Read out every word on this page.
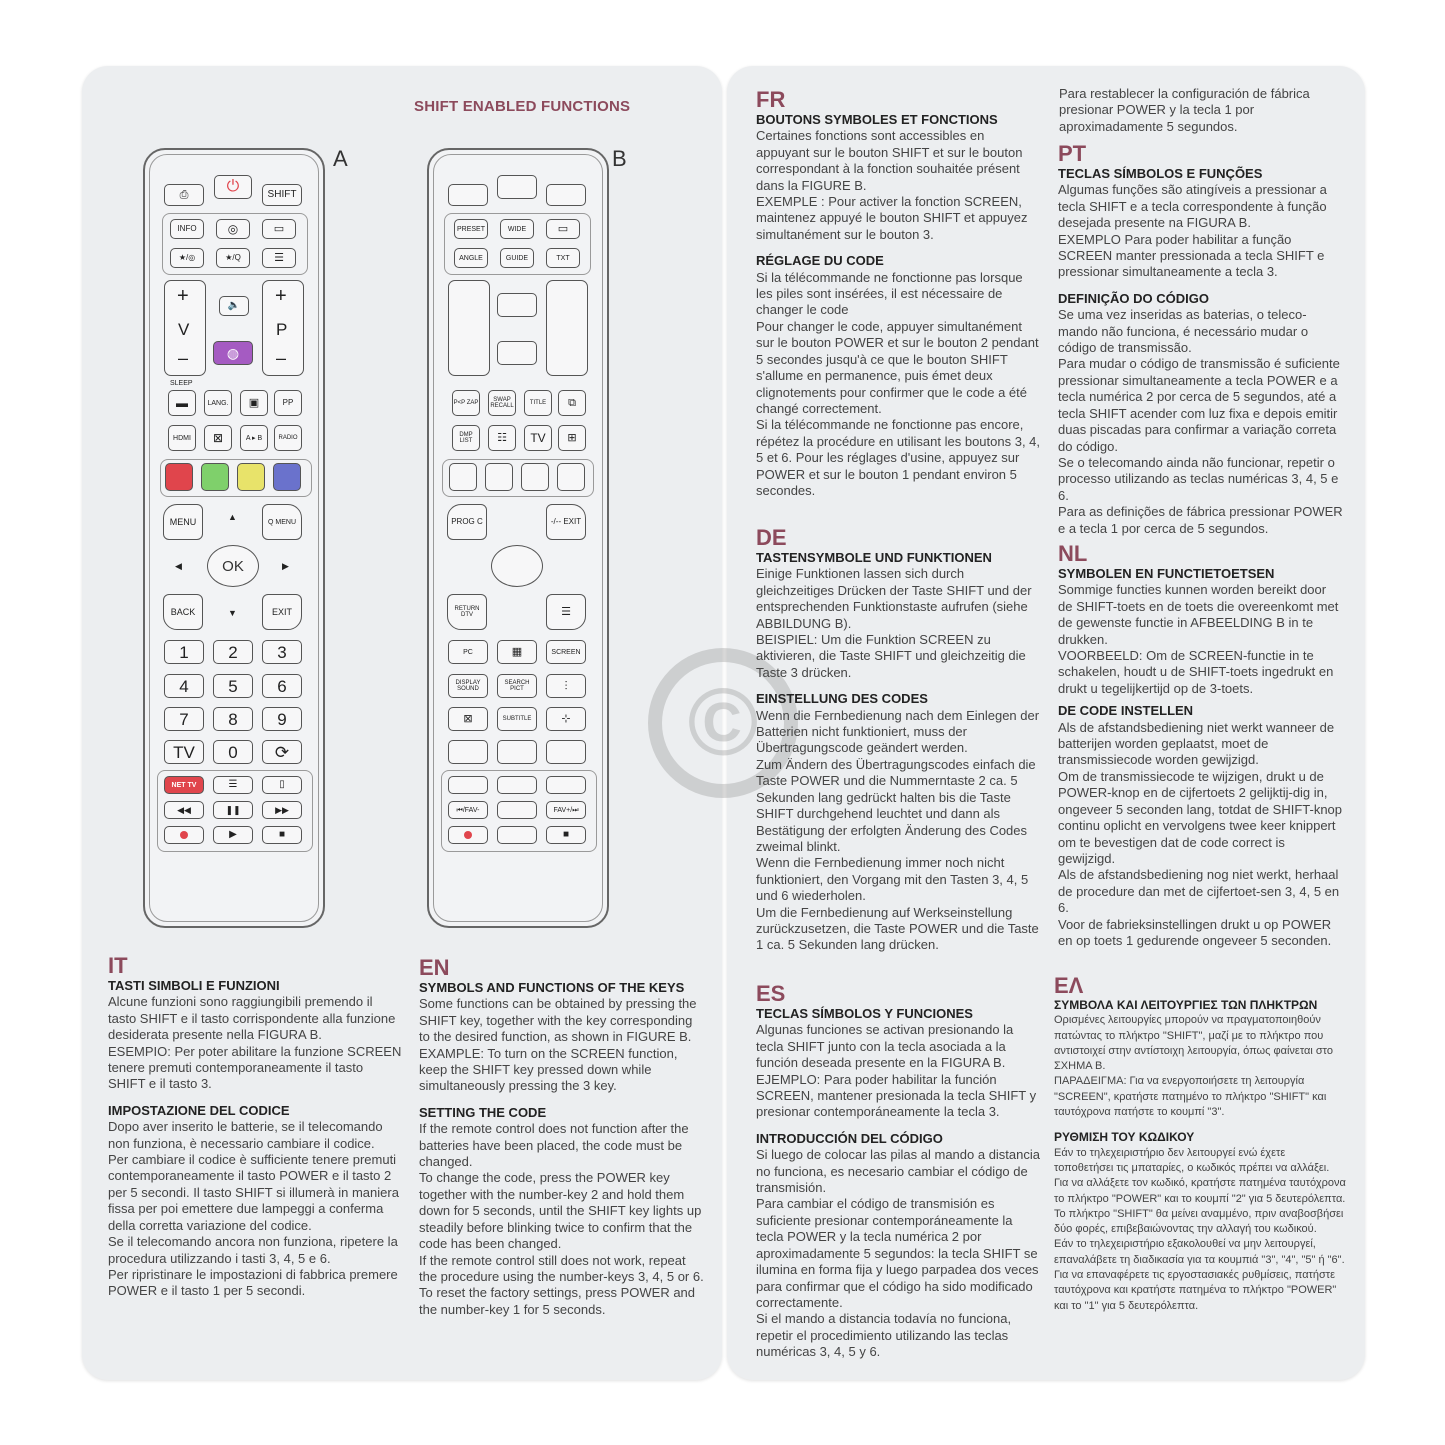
©
SHIFT ENABLED FUNCTIONS
A	B
⎙	⏻	SHIFT
INFO	◎	▭
★/◎	★/Q	☰
+
V
–
+
P
–
🔈
◍
SLEEP
▬	LANG.	▣	PP
HDMI	⊠	A ▸ B	RADIO
MENU	Q MENU
BACK	EXIT
▲
▼
◀	▶
OK
1	2	3
4	5	6
7	8	9
TV	0	⟳
NET TV	☰	▯
◀◀	❚❚	▶▶
▶	■
PRESET	WIDE	▭
ANGLE	GUIDE	TXT
P<P ZAP	SWAP RECALL	TITLE	⧉
DMP LIST	☷	TV	⊞
PROG C	-/-- EXIT
RETURN DTV	☰
PC	▦	SCREEN
DISPLAY SOUND
SEARCH PICT	⫶
⊠	SUBTITLE	⊹
⏮/FAV-	FAV+/⏭
■
IT
TASTI SIMBOLI E FUNZIONI

Alcune funzioni sono raggiungibili premendo il tasto SHIFT e il tasto corrispondente alla funzione desiderata presente nella FIGURA B.

ESEMPIO: Per poter abilitare la funzione SCREEN tenere premuti contemporaneamente il tasto SHIFT e il tasto 3.

IMPOSTAZIONE DEL CODICE

Dopo aver inserito le batterie, se il telecomando non funziona, è necessario cambiare il codice.

Per cambiare il codice è sufficiente tenere premuti contemporaneamente il tasto POWER e il tasto 2 per 5 secondi. Il tasto SHIFT si illumerà in maniera fissa per poi emettere due lampeggi a conferma della corretta variazione del codice.

Se il telecomando ancora non funziona, ripetere la procedura utilizzando i tasti 3, 4, 5 e 6.

Per ripristinare le impostazioni di fabbrica premere POWER e il tasto 1 per 5 secondi.

EN
SYMBOLS AND FUNCTIONS OF THE KEYS

Some functions can be obtained by pressing the SHIFT key, together with the key corresponding to the desired function, as shown in FIGURE B.

EXAMPLE: To turn on the SCREEN function, keep the SHIFT key pressed down while simultaneously pressing the 3 key.

SETTING THE CODE

If the remote control does not function after the batteries have been placed, the code must be changed.

To change the code, press the POWER key together with the number-key 2 and hold them down for 5 seconds, until the SHIFT key lights up steadily before blinking twice to confirm that the code has been changed.

If the remote control still does not work, repeat the procedure using the number-keys 3, 4, 5 or 6.

To reset the factory settings, press POWER and the number-key 1 for 5 seconds.

FR
BOUTONS SYMBOLES ET FONCTIONS

Certaines fonctions sont accessibles en appuyant sur le bouton SHIFT et sur le bouton correspondant à la fonction souhaitée présent dans la FIGURE B.

EXEMPLE : Pour activer la fonction SCREEN, maintenez appuyé le bouton SHIFT et appuyez simultanément sur le bouton 3.

RÉGLAGE DU CODE

Si la télécommande ne fonctionne pas lorsque les piles sont insérées, il est nécessaire de changer le code

Pour changer le code, appuyer simultanément sur le bouton POWER et sur le bouton 2 pendant 5 secondes jusqu'à ce que le bouton SHIFT s'allume en permanence, puis émet deux clignotements pour confirmer que le code a été changé correctement.

Si la télécommande ne fonctionne pas encore, répétez la procédure en utilisant les boutons 3, 4, 5 et 6. Pour les réglages d'usine, appuyez sur POWER et sur le bouton 1 pendant environ 5 secondes.

DE
TASTENSYMBOLE UND FUNKTIONEN

Einige Funktionen lassen sich durch gleichzeitiges Drücken der Taste SHIFT und der entsprechenden Funktionstaste aufrufen (siehe ABBILDUNG B).

BEISPIEL: Um die Funktion SCREEN zu aktivieren, die Taste SHIFT und gleichzeitig die Taste 3 drücken.

EINSTELLUNG DES CODES

Wenn die Fernbedienung nach dem Einlegen der Batterien nicht funktioniert, muss der Übertragungscode geändert werden.

Zum Ändern des Übertragungscodes einfach die Taste POWER und die Nummerntaste 2 ca. 5 Sekunden lang gedrückt halten bis die Taste SHIFT durchgehend leuchtet und dann als Bestätigung der erfolgten Änderung des Codes zweimal blinkt.

Wenn die Fernbedienung immer noch nicht funktioniert, den Vorgang mit den Tasten 3, 4, 5 und 6 wiederholen.

Um die Fernbedienung auf Werkseinstellung zurückzusetzen, die Taste POWER und die Taste 1 ca. 5 Sekunden lang drücken.

ES
TECLAS SÍMBOLOS Y FUNCIONES

Algunas funciones se activan presionando la tecla SHIFT junto con la tecla asociada a la función deseada presente en la FIGURA B.

EJEMPLO: Para poder habilitar la función SCREEN, mantener presionada la tecla SHIFT y presionar contemporáneamente la tecla 3.

INTRODUCCIÓN DEL CÓDIGO

Si luego de colocar las pilas al mando a distancia no funciona, es necesario cambiar el código de transmisión.

Para cambiar el código de transmisión es suficiente presionar contemporáneamente la tecla POWER y la tecla numérica 2 por aproximadamente 5 segundos: la tecla SHIFT se ilumina en forma fija y luego parpadea dos veces para confirmar que el código ha sido modificado correctamente.

Si el mando a distancia todavía no funciona, repetir el procedimiento utilizando las teclas numéricas 3, 4, 5 y 6.

Para restablecer la configuración de fábrica presionar POWER y la tecla 1 por aproximadamente 5 segundos.

PT
TECLAS SÍMBOLOS E FUNÇÕES

Algumas funções são atingíveis a pressionar a tecla SHIFT e a tecla correspondente à função desejada presente na FIGURA B.

EXEMPLO Para poder habilitar a função SCREEN manter pressionada a tecla SHIFT e pressionar simultaneamente a tecla 3.

DEFINIÇÃO DO CÓDIGO

Se uma vez inseridas as baterias, o teleco-mando não funciona, é necessário mudar o código de transmissão.

Para mudar o código de transmissão é suficiente pressionar simultaneamente a tecla POWER e a tecla numérica 2 por cerca de 5 segundos, até a tecla SHIFT acender com luz fixa e depois emitir duas piscadas para confirmar a variação correta do código.

Se o telecomando ainda não funcionar, repetir o processo utilizando as teclas numéricas 3, 4, 5 e 6.

Para as definições de fábrica pressionar POWER e a tecla 1 por cerca de 5 segundos.

NL
SYMBOLEN EN FUNCTIETOETSEN

Sommige functies kunnen worden bereikt door de SHIFT-toets en de toets die overeenkomt met de gewenste functie in AFBEELDING B in te drukken.

VOORBEELD: Om de SCREEN-functie in te schakelen, houdt u de SHIFT-toets ingedrukt en drukt u tegelijkertijd op de 3-toets.

DE CODE INSTELLEN

Als de afstandsbediening niet werkt wanneer de batterijen worden geplaatst, moet de transmissiecode worden gewijzigd.

Om de transmissiecode te wijzigen, drukt u de POWER-knop en de cijfertoets 2 gelijktij-dig in, ongeveer 5 seconden lang, totdat de SHIFT-knop continu oplicht en vervolgens twee keer knippert om te bevestigen dat de code correct is gewijzigd.

Als de afstandsbediening nog niet werkt, herhaal de procedure dan met de cijfertoet-sen 3, 4, 5 en 6.

Voor de fabrieksinstellingen drukt u op POWER en op toets 1 gedurende ongeveer 5 seconden.

ΕΛ
ΣΥΜΒΟΛΑ ΚΑΙ ΛΕΙΤΟΥΡΓΙΕΣ ΤΩΝ ΠΛΗΚΤΡΩΝ

Ορισμένες λειτουργίες μπορούν να πραγματοποιηθούν πατώντας το πλήκτρο "SHIFT", μαζί με το πλήκτρο που αντιστοιχεί στην αντίστοιχη λειτουργία, όπως φαίνεται στο ΣΧΗΜΑ Β.

ΠΑΡΑΔΕΙΓΜΑ: Για να ενεργοποιήσετε τη λειτουργία "SCREEN", κρατήστε πατημένο το πλήκτρο "SHIFT" και ταυτόχρονα πατήστε το κουμπί "3".

ΡΥΘΜΙΣΗ ΤΟΥ ΚΩΔΙΚΟΥ

Εάν το τηλεχειριστήριο δεν λειτουργεί ενώ έχετε τοποθετήσει τις μπαταρίες, ο κωδικός πρέπει να αλλάξει.

Για να αλλάξετε τον κωδικό, κρατήστε πατημένα ταυτόχρονα το πλήκτρο "POWER" και το κουμπί "2" για 5 δευτερόλεπτα. Το πλήκτρο "SHIFT" θα μείνει αναμμένο, πριν αναβοσβήσει δύο φορές, επιβεβαιώνοντας την αλλαγή του κωδικού.

Εάν το τηλεχειριστήριο εξακολουθεί να μην λειτουργεί, επαναλάβετε τη διαδικασία για τα κουμπιά "3", "4", "5" ή "6".

Για να επαναφέρετε τις εργοστασιακές ρυθμίσεις, πατήστε ταυτόχρονα και κρατήστε πατημένα το πλήκτρο "POWER" και το "1" για 5 δευτερόλεπτα.
